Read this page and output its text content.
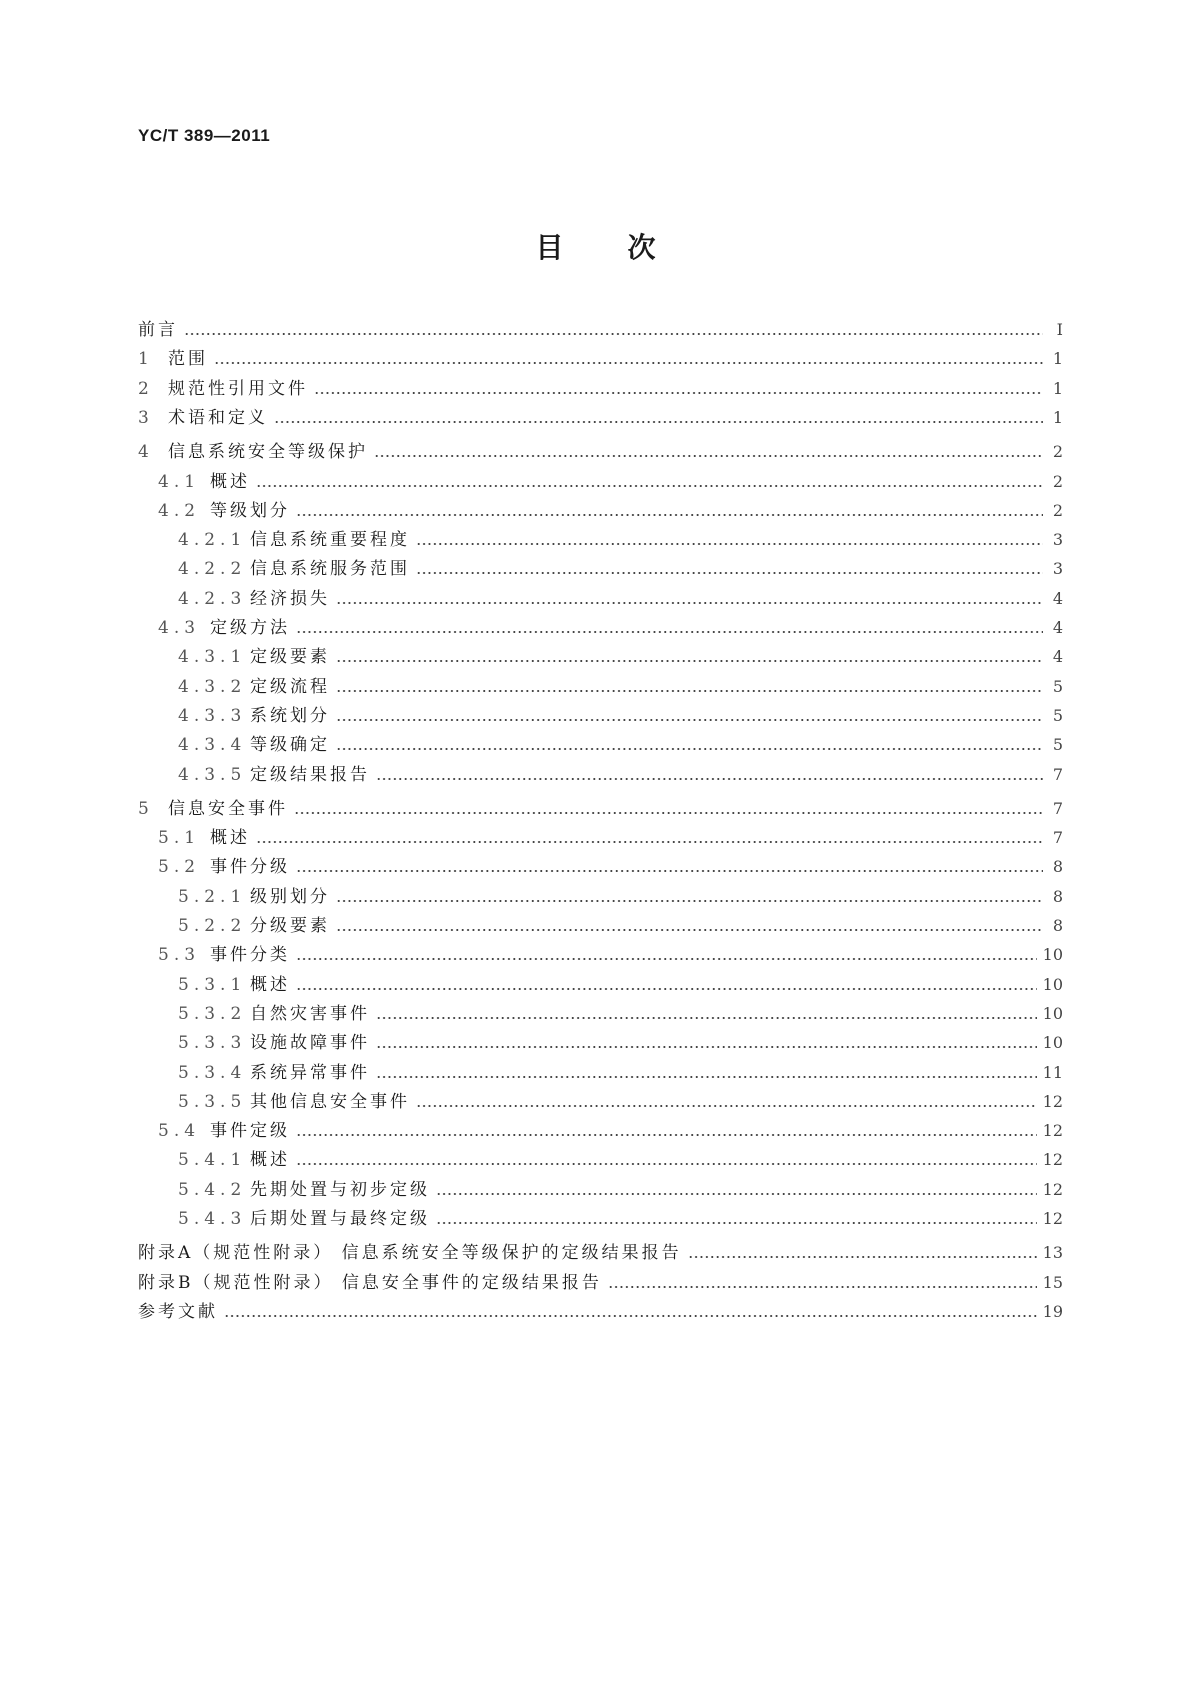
YC/T 389—2011
目次
前言	Ⅰ
1 范围	1
2 规范性引用文件	1
3 术语和定义	1
4 信息系统安全等级保护	2
4.1 概述	2
4.2 等级划分	2
4.2.1 信息系统重要程度	3
4.2.2 信息系统服务范围	3
4.2.3 经济损失	4
4.3 定级方法	4
4.3.1 定级要素	4
4.3.2 定级流程	5
4.3.3 系统划分	5
4.3.4 等级确定	5
4.3.5 定级结果报告	7
5 信息安全事件	7
5.1 概述	7
5.2 事件分级	8
5.2.1 级别划分	8
5.2.2 分级要素	8
5.3 事件分类	10
5.3.1 概述	10
5.3.2 自然灾害事件	10
5.3.3 设施故障事件	10
5.3.4 系统异常事件	11
5.3.5 其他信息安全事件	12
5.4 事件定级	12
5.4.1 概述	12
5.4.2 先期处置与初步定级	12
5.4.3 后期处置与最终定级	12
附录A（规范性附录） 信息系统安全等级保护的定级结果报告	13
附录B（规范性附录） 信息安全事件的定级结果报告	15
参考文献	19
